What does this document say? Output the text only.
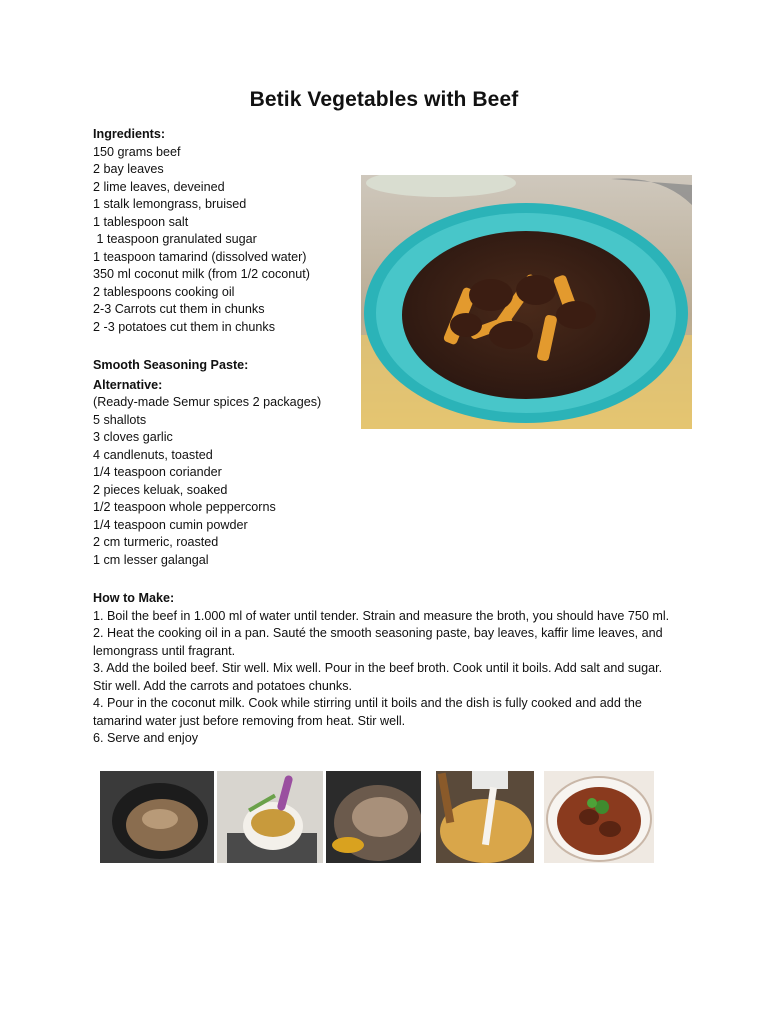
Betik Vegetables with Beef
Ingredients:
150 grams beef
2 bay leaves
2 lime leaves, deveined
1 stalk lemongrass, bruised
1 tablespoon salt
1 teaspoon granulated sugar
1 teaspoon tamarind (dissolved water)
350 ml coconut milk (from 1/2 coconut)
2 tablespoons cooking oil
2-3 Carrots cut them in chunks
2 -3 potatoes cut them in chunks
Smooth Seasoning Paste:
Alternative:
(Ready-made Semur spices 2 packages)
5 shallots
3 cloves garlic
4 candlenuts, toasted
1/4 teaspoon coriander
2 pieces keluak, soaked
1/2 teaspoon whole peppercorns
1/4 teaspoon cumin powder
2 cm turmeric, roasted
1 cm lesser galangal
How to Make:
1. Boil the beef in 1.000 ml of water until tender. Strain and measure the broth, you should have 750 ml.
2. Heat the cooking oil in a pan. Sauté the smooth seasoning paste, bay leaves, kaffir lime leaves, and lemongrass until fragrant.
3. Add the boiled beef. Stir well. Mix well. Pour in the beef broth. Cook until it boils. Add salt and sugar. Stir well. Add the carrots and potatoes chunks.
4. Pour in the coconut milk. Cook while stirring until it boils and the dish is fully cooked and add the tamarind water just before removing from heat. Stir well.
6. Serve and enjoy
